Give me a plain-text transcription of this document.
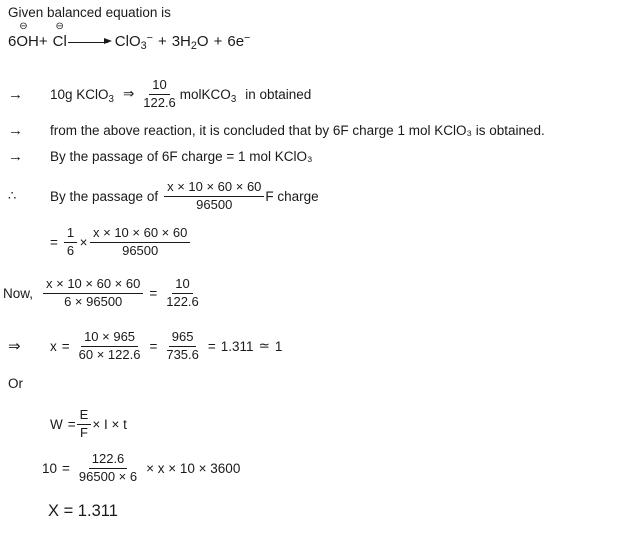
Given balanced equation is
⊖
6OH +
⊖
Cl	$ClO_3^- + 3H_2O + 6e^-$
→	10g KClO$_3$ ⇒ $\frac{10}{122.6}$ molKCO$_3$ in obtained
→	from the above reaction, it is concluded that by 6F charge 1 mol KClO₃ is obtained.
→	By the passage of 6F charge = 1 mol KClO₃
∴	By the passage of $\frac{x \times 10 \times 60 \times 60}{96500}$ F charge
= $\frac{1}{6} \times \frac{x \times 10 \times 60 \times 60}{96500}$
Now, $\frac{x \times 10 \times 60 \times 60}{6 \times 96500} = \frac{10}{122.6}$
⇒	$x = \frac{10 \times 965}{60 \times 122.6} = \frac{965}{735.6} = 1.311$ ≃ 1
Or
$W = \frac{E}{F} \times I \times t$
$10 = \frac{122.6}{96500 \times 6} \times x \times 10 \times 3600$
X = 1.311
